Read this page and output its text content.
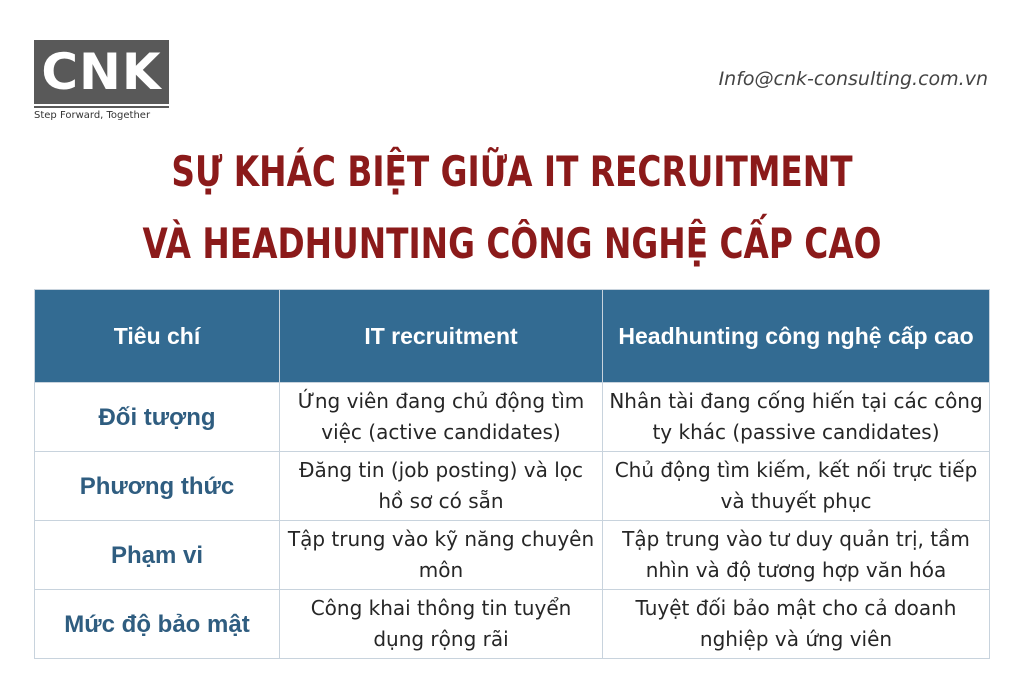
CNK
Step Forward, Together
Info@cnk-consulting.com.vn
SỰ KHÁC BIỆT GIỮA IT RECRUITMENT
VÀ HEADHUNTING CÔNG NGHỆ CẤP CAO
Tiêu chí	IT recruitment	Headhunting công nghệ cấp cao
Đối tượng	Ứng viên đang chủ động tìm việc (active candidates)	Nhân tài đang cống hiến tại các công ty khác (passive candidates)
Phương thức	Đăng tin (job posting) và lọc hồ sơ có sẵn	Chủ động tìm kiếm, kết nối trực tiếp và thuyết phục
Phạm vi	Tập trung vào kỹ năng chuyên môn	Tập trung vào tư duy quản trị, tầm nhìn và độ tương hợp văn hóa
Mức độ bảo mật	Công khai thông tin tuyển dụng rộng rãi	Tuyệt đối bảo mật cho cả doanh nghiệp và ứng viên
